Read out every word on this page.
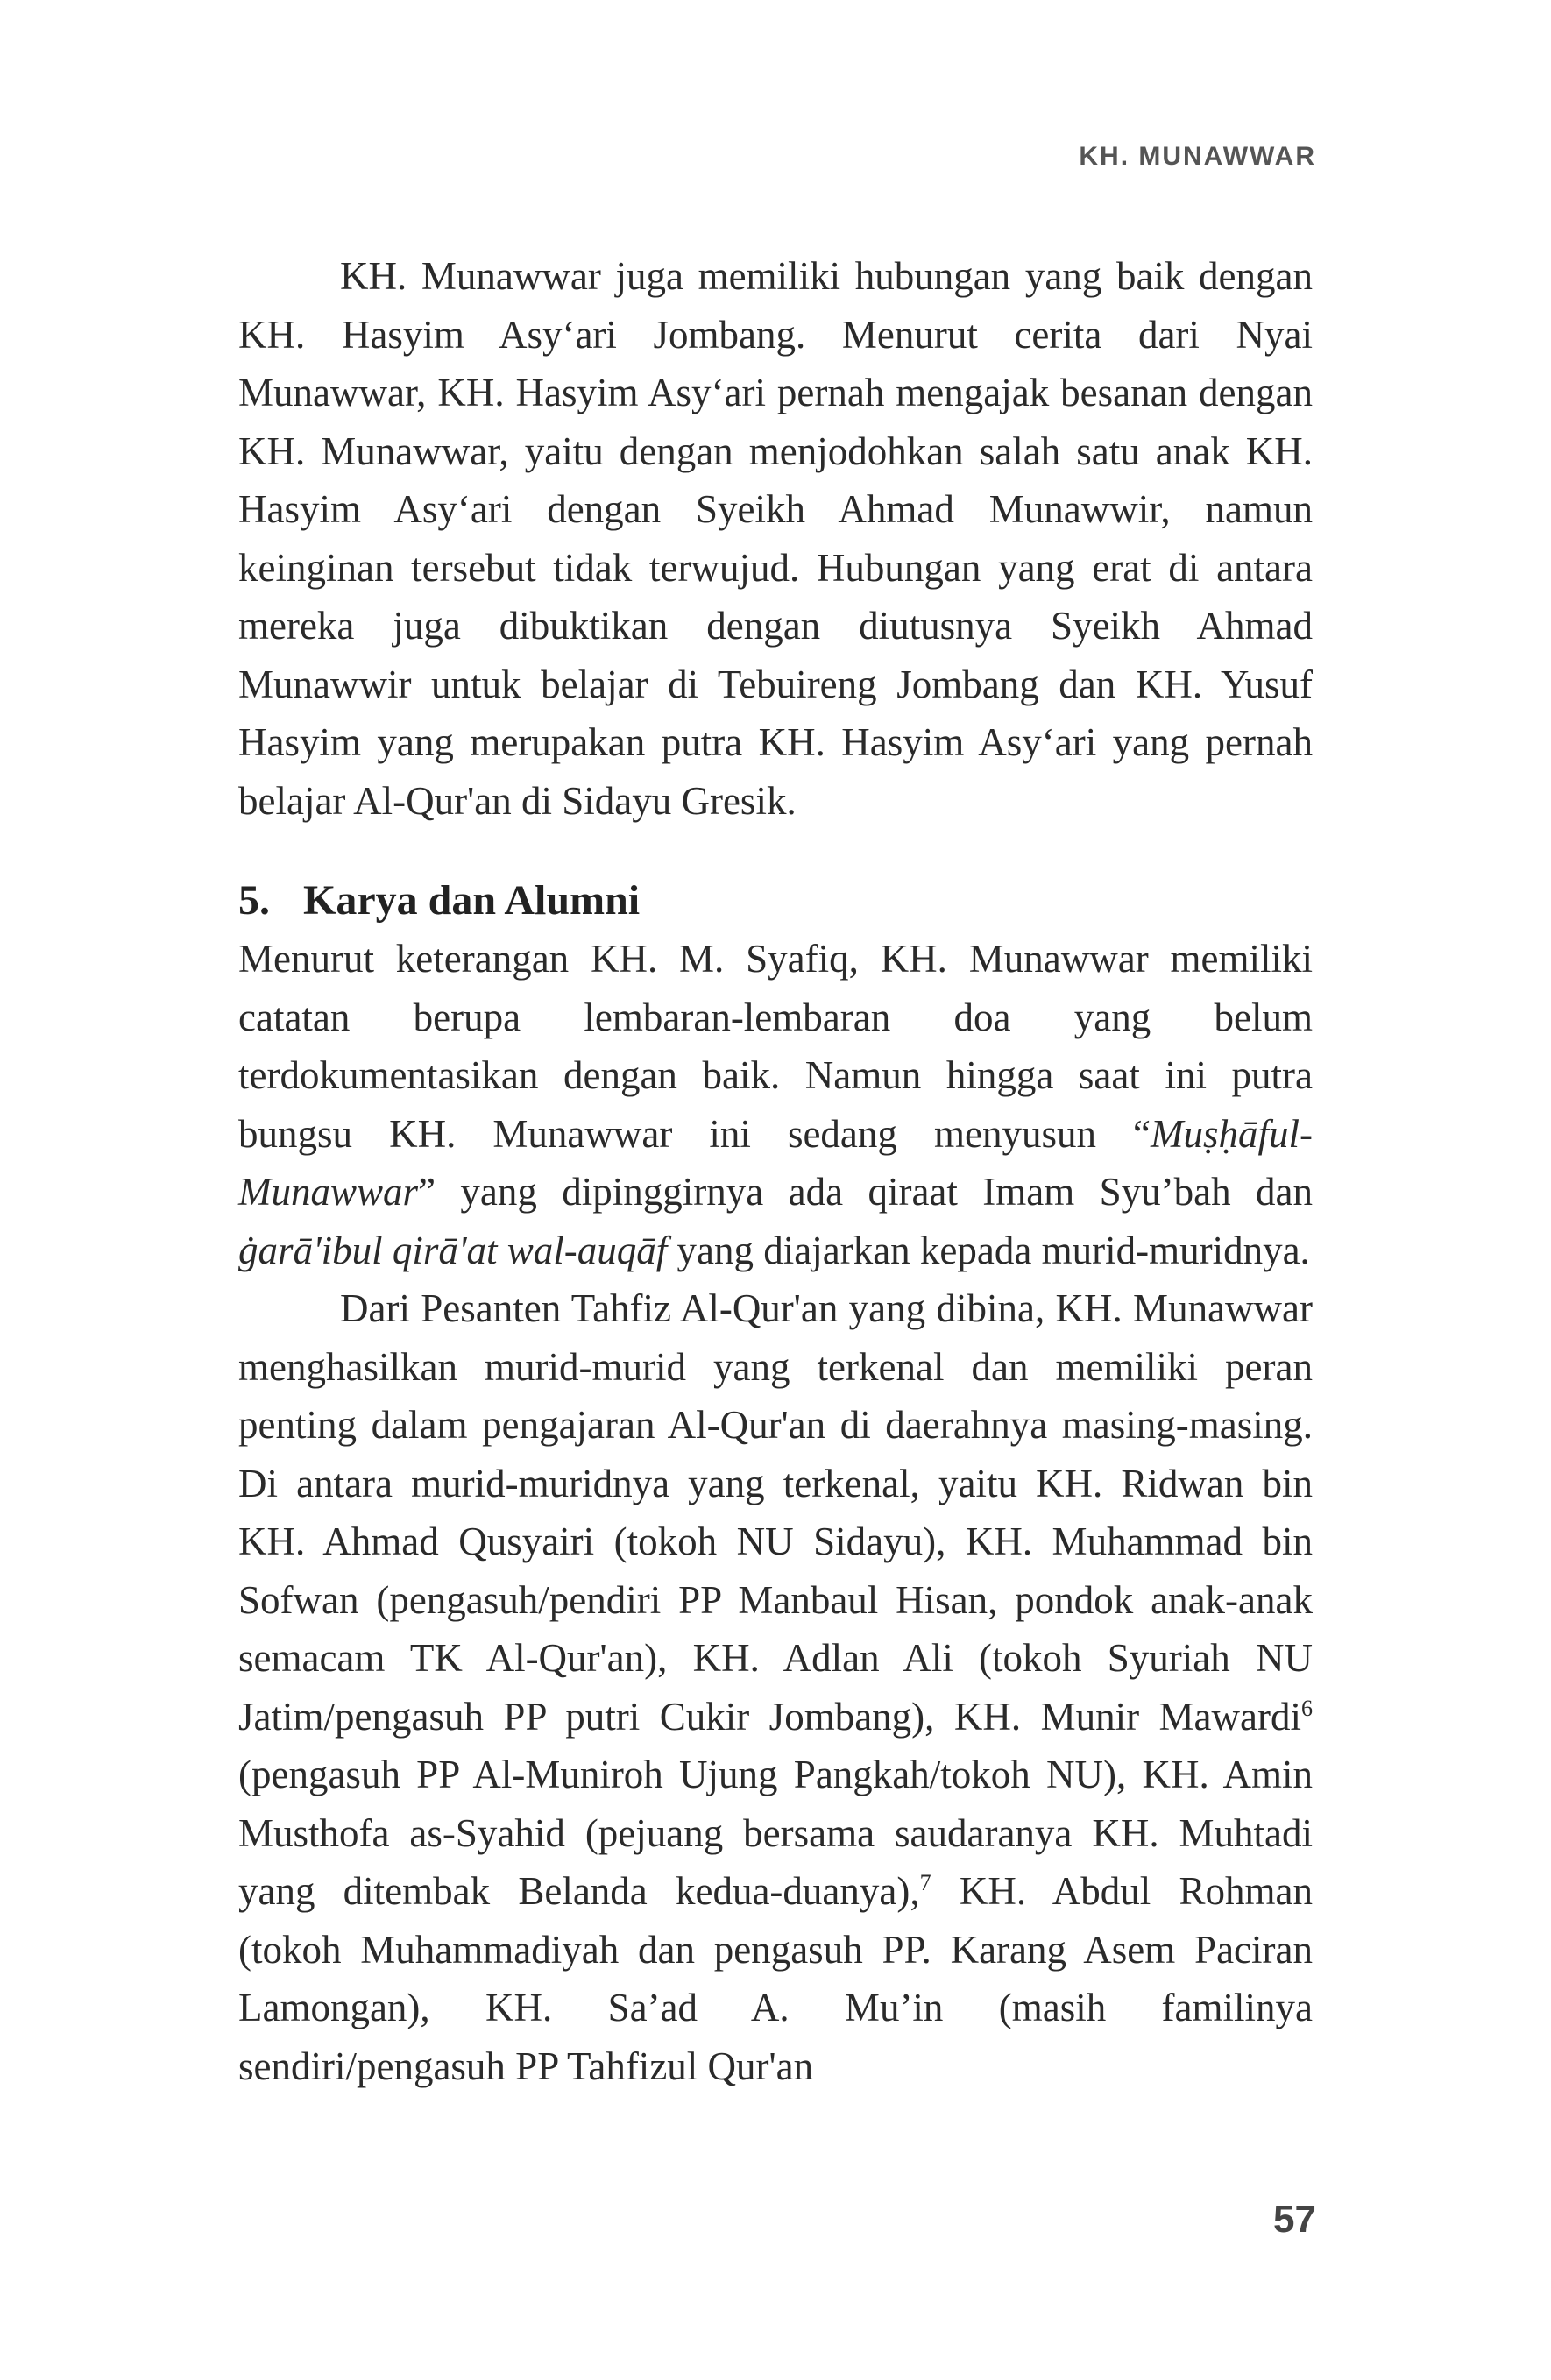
KH. MUNAWWAR

KH. Munawwar juga memiliki hubungan yang baik dengan KH. Hasyim Asy‘ari Jombang. Menurut cerita dari Nyai Munawwar, KH. Hasyim Asy‘ari pernah mengajak besanan dengan KH. Munawwar, yaitu dengan menjodohkan salah satu anak KH. Hasyim Asy‘ari dengan Syeikh Ahmad Munawwir, namun keinginan tersebut tidak terwujud. Hubungan yang erat di antara mereka juga dibuktikan dengan diutusnya Syeikh Ahmad Munawwir untuk belajar di Tebuireng Jombang dan KH. Yusuf Hasyim yang merupakan putra KH. Hasyim Asy‘ari yang pernah belajar Al-Qur'an di Sidayu Gresik.

5. Karya dan Alumni

Menurut keterangan KH. M. Syafiq, KH. Munawwar memiliki catatan berupa lembaran-lembaran doa yang belum terdokumentasikan dengan baik. Namun hingga saat ini putra bungsu KH. Munawwar ini sedang menyusun “Muṣḥāful-Munawwar” yang dipinggirnya ada qiraat Imam Syu’bah dan ġarā'ibul qirā'at wal-auqāf yang diajarkan kepada murid-muridnya.

Dari Pesanten Tahfiz Al-Qur'an yang dibina, KH. Munawwar menghasilkan murid-murid yang terkenal dan memiliki peran penting dalam pengajaran Al-Qur'an di daerahnya masing-masing. Di antara murid-muridnya yang terkenal, yaitu KH. Ridwan bin KH. Ahmad Qusyairi (tokoh NU Sidayu), KH. Muhammad bin Sofwan (pengasuh/pendiri PP Manbaul Hisan, pondok anak-anak semacam TK Al-Qur'an), KH. Adlan Ali (tokoh Syuriah NU Jatim/pengasuh PP putri Cukir Jombang), KH. Munir Mawardi$^6$ (pengasuh PP Al-Muniroh Ujung Pangkah/tokoh NU), KH. Amin Musthofa as-Syahid (pejuang bersama saudaranya KH. Muhtadi yang ditembak Belanda kedua-duanya),$^7$ KH. Abdul Rohman (tokoh Muhammadiyah dan pengasuh PP. Karang Asem Paciran Lamongan), KH. Sa’ad A. Mu’in (masih familinya sendiri/pengasuh PP Tahfizul Qur'an

57
